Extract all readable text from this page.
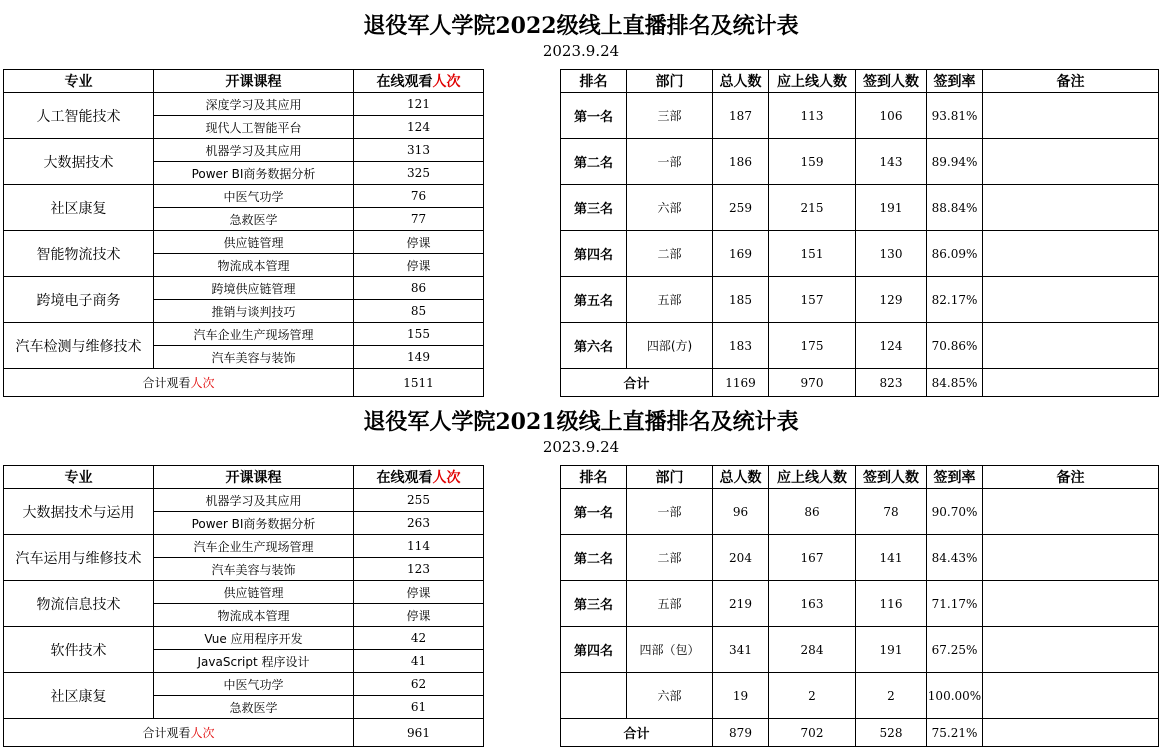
退役军人学院2022级线上直播排名及统计表
2023.9.24
专业	开课课程	在线观看人次		排名	部门	总人数	应上线人数	签到人数	签到率	备注
人工智能技术	深度学习及其应用	121		第一名	三部	187	113	106	93.81%	
	现代人工智能平台	124								
大数据技术	机器学习及其应用	313		第二名	一部	186	159	143	89.94%	
	Power BI商务数据分析	325								
社区康复	中医气功学	76		第三名	六部	259	215	191	88.84%	
	急救医学	77								
智能物流技术	供应链管理	停课		第四名	二部	169	151	130	86.09%	
	物流成本管理	停课								
跨境电子商务	跨境供应链管理	86		第五名	五部	185	157	129	82.17%	
	推销与谈判技巧	85								
汽车检测与维修技术	汽车企业生产现场管理	155		第六名	四部(方)	183	175	124	70.86%	
	汽车美容与装饰	149								
合计观看人次		1511		合计		1169	970	823	84.85%	
退役军人学院2021级线上直播排名及统计表
2023.9.24
专业	开课课程	在线观看人次		排名	部门	总人数	应上线人数	签到人数	签到率	备注
大数据技术与运用	机器学习及其应用	255		第一名	一部	96	86	78	90.70%	
	Power BI商务数据分析	263								
汽车运用与维修技术	汽车企业生产现场管理	114		第二名	二部	204	167	141	84.43%	
	汽车美容与装饰	123								
物流信息技术	供应链管理	停课		第三名	五部	219	163	116	71.17%	
	物流成本管理	停课								
软件技术	Vue 应用程序开发	42		第四名	四部（包）	341	284	191	67.25%	
	JavaScript 程序设计	41								
社区康复	中医气功学	62			六部	19	2	2	100.00%	
	急救医学	61								
合计观看人次		961		合计		879	702	528	75.21%	
